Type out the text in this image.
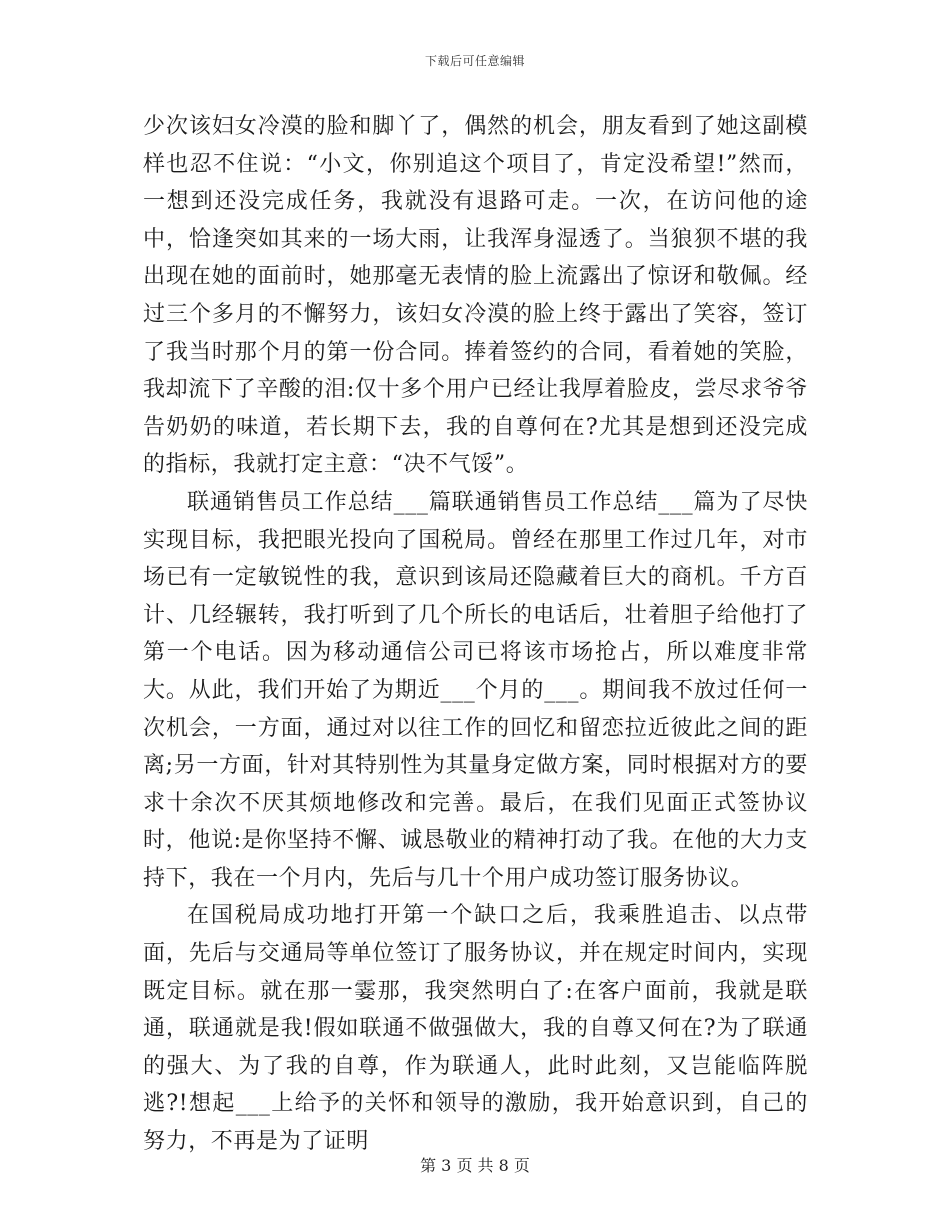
下载后可任意编辑

少次该妇女冷漠的脸和脚丫了，偶然的机会，朋友看到了她这副模样也忍不住说：“小文，你别追这个项目了，肯定没希望!”然而，一想到还没完成任务，我就没有退路可走。一次，在访问他的途中，恰逢突如其来的一场大雨，让我浑身湿透了。当狼狈不堪的我出现在她的面前时，她那毫无表情的脸上流露出了惊讶和敬佩。经过三个多月的不懈努力，该妇女冷漠的脸上终于露出了笑容，签订了我当时那个月的第一份合同。捧着签约的合同，看着她的笑脸，我却流下了辛酸的泪:仅十多个用户已经让我厚着脸皮，尝尽求爷爷告奶奶的味道，若长期下去，我的自尊何在?尤其是想到还没完成的指标，我就打定主意：“决不气馁”。

联通销售员工作总结___篇联通销售员工作总结___篇为了尽快实现目标，我把眼光投向了国税局。曾经在那里工作过几年，对市场已有一定敏锐性的我，意识到该局还隐藏着巨大的商机。千方百计、几经辗转，我打听到了几个所长的电话后，壮着胆子给他打了第一个电话。因为移动通信公司已将该市场抢占，所以难度非常大。从此，我们开始了为期近___个月的___。期间我不放过任何一次机会，一方面，通过对以往工作的回忆和留恋拉近彼此之间的距离;另一方面，针对其特别性为其量身定做方案，同时根据对方的要求十余次不厌其烦地修改和完善。最后，在我们见面正式签协议时，他说:是你坚持不懈、诚恳敬业的精神打动了我。在他的大力支持下，我在一个月内，先后与几十个用户成功签订服务协议。

在国税局成功地打开第一个缺口之后，我乘胜追击、以点带面，先后与交通局等单位签订了服务协议，并在规定时间内，实现既定目标。就在那一霎那，我突然明白了:在客户面前，我就是联通，联通就是我!假如联通不做强做大，我的自尊又何在?为了联通的强大、为了我的自尊，作为联通人，此时此刻，又岂能临阵脱逃?!想起___上给予的关怀和领导的激励，我开始意识到，自己的努力，不再是为了证明

第 3 页 共 8 页
